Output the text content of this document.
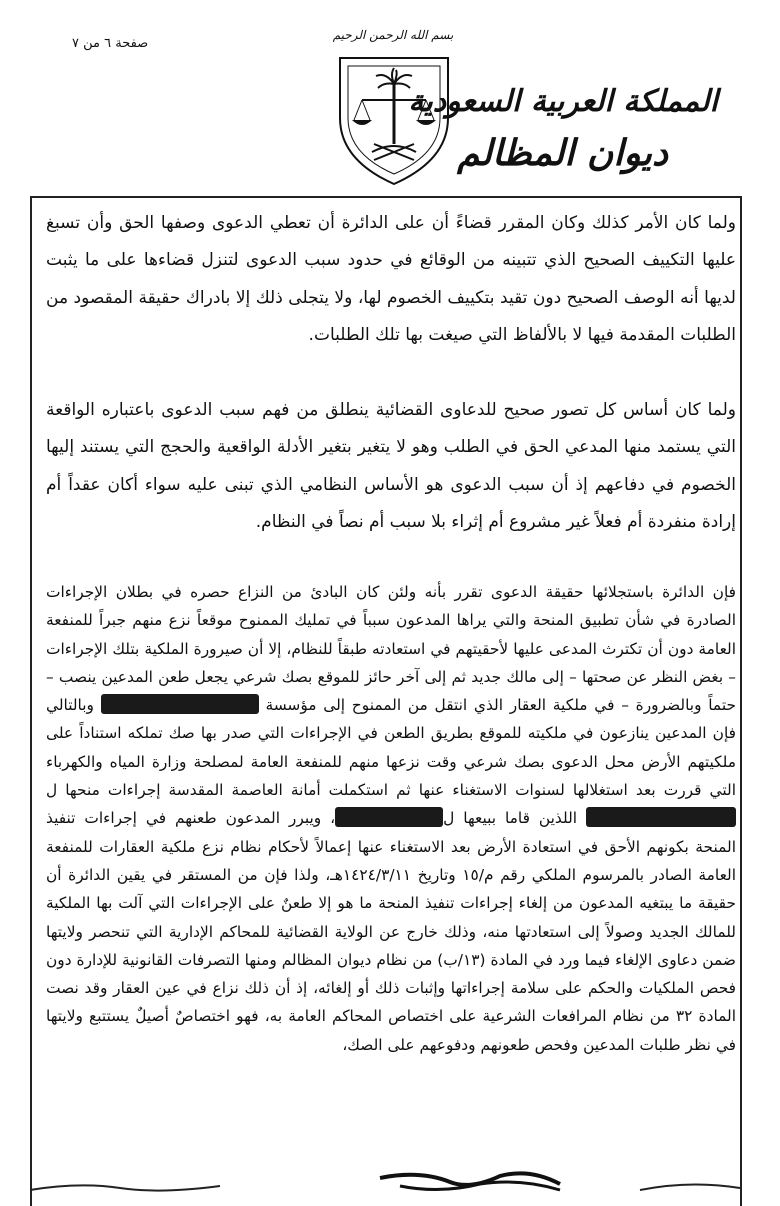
صفحة ٦ من ٧
بسم الله الرحمن الرحيم
المملكة العربية السعودية
ديوان المظالم
ولما كان الأمر كذلك وكان المقرر قضاءً أن على الدائرة أن تعطي الدعوى وصفها الحق وأن تسبغ عليها التكييف الصحيح الذي تتبينه من الوقائع في حدود سبب الدعوى لتنزل قضاءها على ما يثبت لديها أنه الوصف الصحيح دون تقيد بتكييف الخصوم لها، ولا يتجلى ذلك إلا بادراك حقيقة المقصود من الطلبات المقدمة فيها لا بالألفاظ التي صيغت بها تلك الطلبات.
ولما كان أساس كل تصور صحيح للدعاوى القضائية ينطلق من فهم سبب الدعوى باعتباره الواقعة التي يستمد منها المدعي الحق في الطلب وهو لا يتغير بتغير الأدلة الواقعية والحجج التي يستند إليها الخصوم في دفاعهم إذ أن سبب الدعوى هو الأساس النظامي الذي تبنى عليه سواء أكان عقداً أم إرادة منفردة أم فعلاً غير مشروع أم إثراء بلا سبب أم نصاً في النظام.
فإن الدائرة باستجلائها حقيقة الدعوى تقرر بأنه ولئن كان البادئ من النزاع حصره في بطلان الإجراءات الصادرة في شأن تطبيق المنحة والتي يراها المدعون سبباً في تمليك الممنوح موقعاً نزع منهم جبراً للمنفعة العامة دون أن تكترث المدعى عليها لأحقيتهم في استعادته طبقاً للنظام، إلا أن صيرورة الملكية بتلك الإجراءات – بغض النظر عن صحتها – إلى مالك جديد ثم إلى آخر حائز للموقع بصك شرعي يجعل طعن المدعين ينصب – حتماً وبالضرورة – في ملكية العقار الذي انتقل من الممنوح إلى مؤسسة  وبالتالي فإن المدعين ينازعون في ملكيته للموقع بطريق الطعن في الإجراءات التي صدر بها صك تملكه استناداً على ملكيتهم الأرض محل الدعوى بصك شرعي وقت نزعها منهم للمنفعة العامة لمصلحة وزارة المياه والكهرباء التي قررت بعد استغلالها لسنوات الاستغناء عنها ثم استكملت أمانة العاصمة المقدسة إجراءات منحها ل اللذين قاما ببيعها ل، ويبرر المدعون طعنهم في إجراءات تنفيذ المنحة بكونهم الأحق في استعادة الأرض بعد الاستغناء عنها إعمالاً لأحكام نظام نزع ملكية العقارات للمنفعة العامة الصادر بالمرسوم الملكي رقم م/١٥ وتاريخ ١٤٢٤/٣/١١هـ، ولذا فإن من المستقر في يقين الدائرة أن حقيقة ما يبتغيه المدعون من إلغاء إجراءات تنفيذ المنحة ما هو إلا طعنٌ على الإجراءات التي آلت بها الملكية للمالك الجديد وصولاً إلى استعادتها منه، وذلك خارج عن الولاية القضائية للمحاكم الإدارية التي تنحصر ولايتها ضمن دعاوى الإلغاء فيما ورد في المادة (١٣/ب) من نظام ديوان المظالم ومنها التصرفات القانونية للإدارة دون فحص الملكيات والحكم على سلامة إجراءاتها وإثبات ذلك أو إلغائه، إذ أن ذلك نزاع في عين العقار وقد نصت المادة ٣٢ من نظام المرافعات الشرعية على اختصاص المحاكم العامة به، فهو اختصاصٌ أصيلٌ يستتبع ولايتها في نظر طلبات المدعين وفحص طعونهم ودفوعهم على الصك،
